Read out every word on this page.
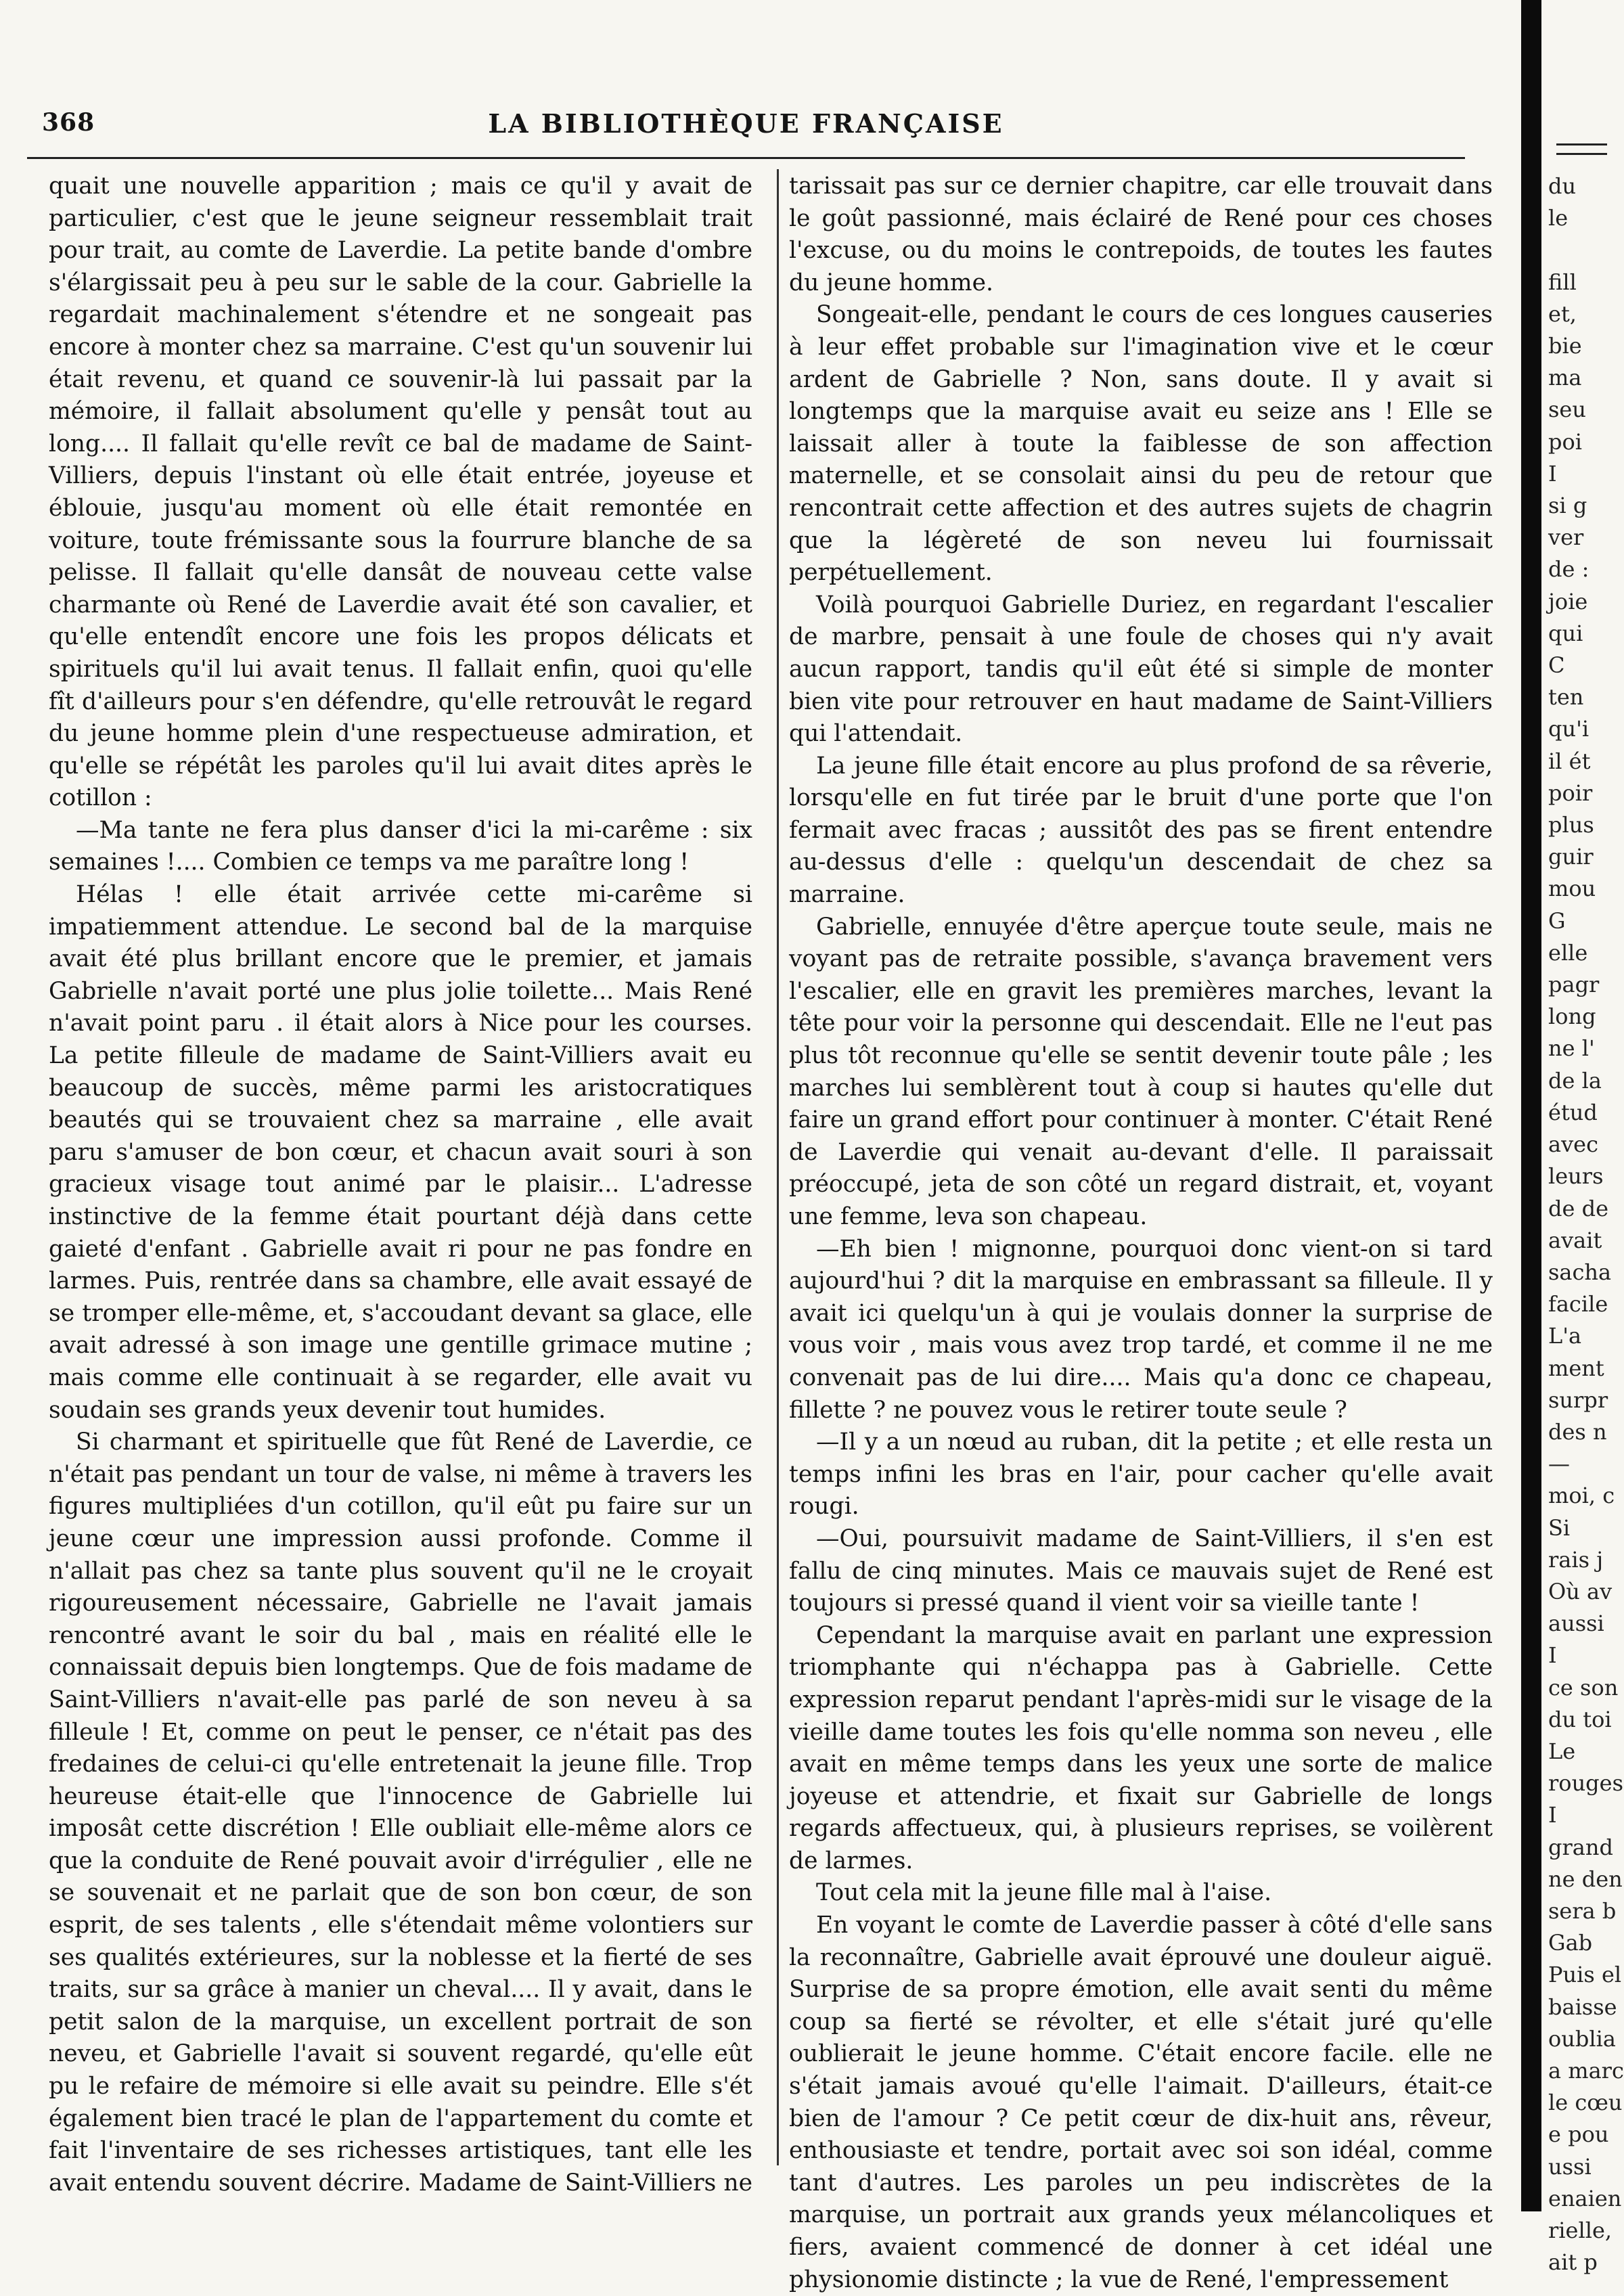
368	LA BIBLIOTHÈQUE FRANÇAISE

quait une nouvelle apparition ; mais ce qu'il y avait de particulier, c'est que le jeune seigneur ressemblait trait pour trait, au comte de Laverdie. La petite bande d'ombre s'élargissait peu à peu sur le sable de la cour. Gabrielle la regardait machinalement s'étendre et ne songeait pas encore à monter chez sa marraine. C'est qu'un souvenir lui était revenu, et quand ce souvenir-là lui passait par la mémoire, il fallait absolument qu'elle y pensât tout au long.... Il fallait qu'elle revît ce bal de madame de Saint-Villiers, depuis l'instant où elle était entrée, joyeuse et éblouie, jusqu'au moment où elle était remontée en voiture, toute frémissante sous la fourrure blanche de sa pelisse. Il fallait qu'elle dansât de nouveau cette valse charmante où René de Laverdie avait été son cavalier, et qu'elle entendît encore une fois les propos délicats et spirituels qu'il lui avait tenus. Il fallait enfin, quoi qu'elle fît d'ailleurs pour s'en défendre, qu'elle retrouvât le regard du jeune homme plein d'une respectueuse admiration, et qu'elle se répétât les paroles qu'il lui avait dites après le cotillon :

—Ma tante ne fera plus danser d'ici la mi-carême : six semaines !.... Combien ce temps va me paraître long !

Hélas ! elle était arrivée cette mi-carême si impatiemment attendue. Le second bal de la marquise avait été plus brillant encore que le premier, et jamais Gabrielle n'avait porté une plus jolie toilette... Mais René n'avait point paru . il était alors à Nice pour les courses. La petite filleule de madame de Saint-Villiers avait eu beaucoup de succès, même parmi les aristocratiques beautés qui se trouvaient chez sa marraine , elle avait paru s'amuser de bon cœur, et chacun avait souri à son gracieux visage tout animé par le plaisir... L'adresse instinctive de la femme était pourtant déjà dans cette gaieté d'enfant . Gabrielle avait ri pour ne pas fondre en larmes. Puis, rentrée dans sa chambre, elle avait essayé de se tromper elle-même, et, s'accoudant devant sa glace, elle avait adressé à son image une gentille grimace mutine ; mais comme elle continuait à se regarder, elle avait vu soudain ses grands yeux devenir tout humides.

Si charmant et spirituelle que fût René de Laverdie, ce n'était pas pendant un tour de valse, ni même à travers les figures multipliées d'un cotillon, qu'il eût pu faire sur un jeune cœur une impression aussi profonde. Comme il n'allait pas chez sa tante plus souvent qu'il ne le croyait rigoureusement nécessaire, Gabrielle ne l'avait jamais rencontré avant le soir du bal , mais en réalité elle le connaissait depuis bien longtemps. Que de fois madame de Saint-Villiers n'avait-elle pas parlé de son neveu à sa filleule ! Et, comme on peut le penser, ce n'était pas des fredaines de celui-ci qu'elle entretenait la jeune fille. Trop heureuse était-elle que l'innocence de Gabrielle lui imposât cette discrétion ! Elle oubliait elle-même alors ce que la conduite de René pouvait avoir d'irrégulier , elle ne se souvenait et ne parlait que de son bon cœur, de son esprit, de ses talents , elle s'étendait même volontiers sur ses qualités extérieures, sur la noblesse et la fierté de ses traits, sur sa grâce à manier un cheval.... Il y avait, dans le petit salon de la marquise, un excellent portrait de son neveu, et Gabrielle l'avait si souvent regardé, qu'elle eût pu le refaire de mémoire si elle avait su peindre. Elle s'ét également bien tracé le plan de l'appartement du comte et fait l'inventaire de ses richesses artistiques, tant elle les avait entendu souvent décrire. Madame de Saint-Villiers ne

tarissait pas sur ce dernier chapitre, car elle trouvait dans le goût passionné, mais éclairé de René pour ces choses l'excuse, ou du moins le contrepoids, de toutes les fautes du jeune homme.

Songeait-elle, pendant le cours de ces longues causeries à leur effet probable sur l'imagination vive et le cœur ardent de Gabrielle ? Non, sans doute. Il y avait si longtemps que la marquise avait eu seize ans ! Elle se laissait aller à toute la faiblesse de son affection maternelle, et se consolait ainsi du peu de retour que rencontrait cette affection et des autres sujets de chagrin que la légèreté de son neveu lui fournissait perpétuellement.

Voilà pourquoi Gabrielle Duriez, en regardant l'escalier de marbre, pensait à une foule de choses qui n'y avait aucun rapport, tandis qu'il eût été si simple de monter bien vite pour retrouver en haut madame de Saint-Villiers qui l'attendait.

La jeune fille était encore au plus profond de sa rêverie, lorsqu'elle en fut tirée par le bruit d'une porte que l'on fermait avec fracas ; aussitôt des pas se firent entendre au-dessus d'elle : quelqu'un descendait de chez sa marraine.

Gabrielle, ennuyée d'être aperçue toute seule, mais ne voyant pas de retraite possible, s'avança bravement vers l'escalier, elle en gravit les premières marches, levant la tête pour voir la personne qui descendait. Elle ne l'eut pas plus tôt reconnue qu'elle se sentit devenir toute pâle ; les marches lui semblèrent tout à coup si hautes qu'elle dut faire un grand effort pour continuer à monter. C'était René de Laverdie qui venait au-devant d'elle. Il paraissait préoccupé, jeta de son côté un regard distrait, et, voyant une femme, leva son chapeau.

—Eh bien ! mignonne, pourquoi donc vient-on si tard aujourd'hui ? dit la marquise en embrassant sa filleule. Il y avait ici quelqu'un à qui je voulais donner la surprise de vous voir , mais vous avez trop tardé, et comme il ne me convenait pas de lui dire.... Mais qu'a donc ce chapeau, fillette ? ne pouvez vous le retirer toute seule ?

—Il y a un nœud au ruban, dit la petite ; et elle resta un temps infini les bras en l'air, pour cacher qu'elle avait rougi.

—Oui, poursuivit madame de Saint-Villiers, il s'en est fallu de cinq minutes. Mais ce mauvais sujet de René est toujours si pressé quand il vient voir sa vieille tante !

Cependant la marquise avait en parlant une expression triomphante qui n'échappa pas à Gabrielle. Cette expression reparut pendant l'après-midi sur le visage de la vieille dame toutes les fois qu'elle nomma son neveu , elle avait en même temps dans les yeux une sorte de malice joyeuse et attendrie, et fixait sur Gabrielle de longs regards affectueux, qui, à plusieurs reprises, se voilèrent de larmes.

Tout cela mit la jeune fille mal à l'aise.

En voyant le comte de Laverdie passer à côté d'elle sans la reconnaître, Gabrielle avait éprouvé une douleur aiguë. Surprise de sa propre émotion, elle avait senti du même coup sa fierté se révolter, et elle s'était juré qu'elle oublierait le jeune homme. C'était encore facile. elle ne s'était jamais avoué qu'elle l'aimait. D'ailleurs, était-ce bien de l'amour ? Ce petit cœur de dix-huit ans, rêveur, enthousiaste et tendre, portait avec soi son idéal, comme tant d'autres. Les paroles un peu indiscrètes de la marquise, un portrait aux grands yeux mélancoliques et fiers, avaient commencé de donner à cet idéal une physionomie distincte ; la vue de René, l'empressement

du
le

fill
et,
bie
ma
seu
poi
I
si g
ver
de :
joie
qui
C
ten
qu'i
il ét
poir
plus
guir
mou
G
elle
pagr
long
ne l'
de la
étud
avec
leurs
de de
avait
sacha
facile
L'a
ment
surpr
des n
—
moi, c
Si
rais j
Où av
aussi
I
ce son
du toi
Le
rouges
I
grand
ne den
sera b
Gab
Puis el
baisse
oublia
a marc
le cœu
e pou
ussi
enaien
rielle,
ait p
